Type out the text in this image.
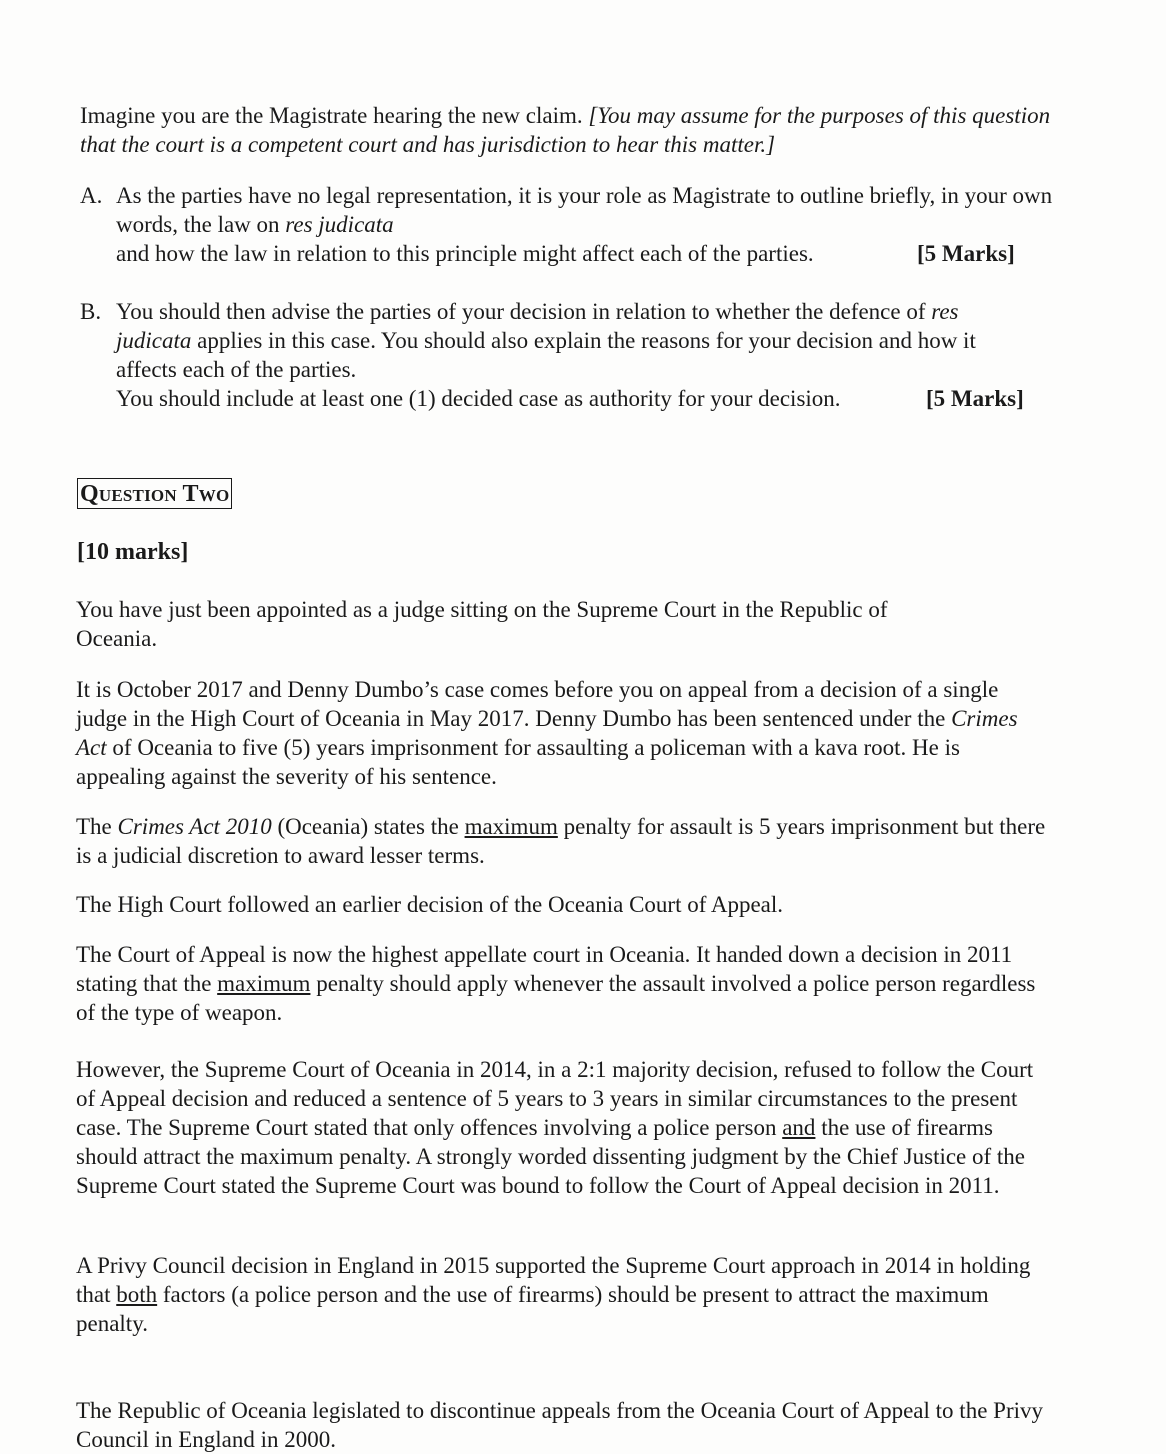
Imagine you are the Magistrate hearing the new claim. [You may assume for the purposes of this question that the court is a competent court and has jurisdiction to hear this matter.]

A. As the parties have no legal representation, it is your role as Magistrate to outline briefly, in your own words, the law on res judicata

and how the law in relation to this principle might affect each of the parties.	[5 Marks]
B. You should then advise the parties of your decision in relation to whether the defence of res judicata applies in this case. You should also explain the reasons for your decision and how it affects each of the parties.

You should include at least one (1) decided case as authority for your decision.	[5 Marks]
Question Two
[10 marks]

You have just been appointed as a judge sitting on the Supreme Court in the Republic of Oceania.

It is October 2017 and Denny Dumbo’s case comes before you on appeal from a decision of a single judge in the High Court of Oceania in May 2017. Denny Dumbo has been sentenced under the Crimes Act of Oceania to five (5) years imprisonment for assaulting a policeman with a kava root. He is appealing against the severity of his sentence.

The Crimes Act 2010 (Oceania) states the maximum penalty for assault is 5 years imprisonment but there is a judicial discretion to award lesser terms.

The High Court followed an earlier decision of the Oceania Court of Appeal.

The Court of Appeal is now the highest appellate court in Oceania. It handed down a decision in 2011 stating that the maximum penalty should apply whenever the assault involved a police person regardless of the type of weapon.

However, the Supreme Court of Oceania in 2014, in a 2:1 majority decision, refused to follow the Court of Appeal decision and reduced a sentence of 5 years to 3 years in similar circumstances to the present case. The Supreme Court stated that only offences involving a police person and the use of firearms should attract the maximum penalty. A strongly worded dissenting judgment by the Chief Justice of the Supreme Court stated the Supreme Court was bound to follow the Court of Appeal decision in 2011.

A Privy Council decision in England in 2015 supported the Supreme Court approach in 2014 in holding that both factors (a police person and the use of firearms) should be present to attract the maximum penalty.

The Republic of Oceania legislated to discontinue appeals from the Oceania Court of Appeal to the Privy Council in England in 2000.
